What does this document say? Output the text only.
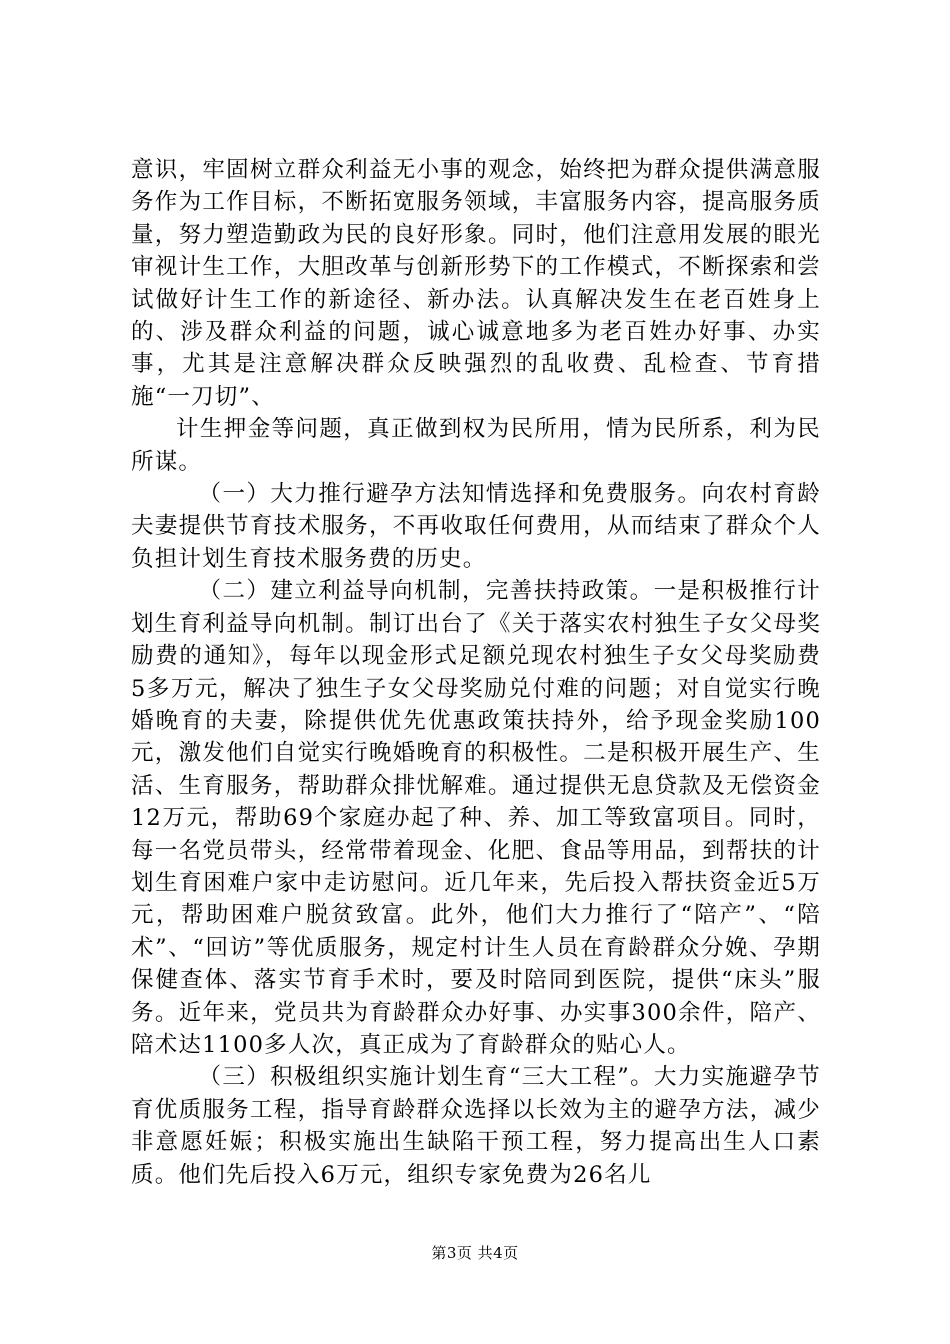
意识，牢固树立群众利益无小事的观念，始终把为群众提供满意服务作为工作目标，不断拓宽服务领域，丰富服务内容，提高服务质量，努力塑造勤政为民的良好形象。同时，他们注意用发展的眼光审视计生工作，大胆改革与创新形势下的工作模式，不断探索和尝试做好计生工作的新途径、新办法。认真解决发生在老百姓身上的、涉及群众利益的问题，诚心诚意地多为老百姓办好事、办实事，尤其是注意解决群众反映强烈的乱收费、乱检查、节育措施“一刀切”、

计生押金等问题，真正做到权为民所用，情为民所系，利为民所谋。

（一）大力推行避孕方法知情选择和免费服务。向农村育龄夫妻提供节育技术服务，不再收取任何费用，从而结束了群众个人负担计划生育技术服务费的历史。

（二）建立利益导向机制，完善扶持政策。一是积极推行计划生育利益导向机制。制订出台了《关于落实农村独生子女父母奖励费的通知》，每年以现金形式足额兑现农村独生子女父母奖励费5多万元，解决了独生子女父母奖励兑付难的问题；对自觉实行晚婚晚育的夫妻，除提供优先优惠政策扶持外，给予现金奖励100元，激发他们自觉实行晚婚晚育的积极性。二是积极开展生产、生活、生育服务，帮助群众排忧解难。通过提供无息贷款及无偿资金12万元，帮助69个家庭办起了种、养、加工等致富项目。同时，每一名党员带头，经常带着现金、化肥、食品等用品，到帮扶的计划生育困难户家中走访慰问。近几年来，先后投入帮扶资金近5万元，帮助困难户脱贫致富。此外，他们大力推行了“陪产”、“陪术”、“回访”等优质服务，规定村计生人员在育龄群众分娩、孕期保健查体、落实节育手术时，要及时陪同到医院，提供“床头”服务。近年来，党员共为育龄群众办好事、办实事300余件，陪产、陪术达1100多人次，真正成为了育龄群众的贴心人。

（三）积极组织实施计划生育“三大工程”。大力实施避孕节育优质服务工程，指导育龄群众选择以长效为主的避孕方法，减少非意愿妊娠；积极实施出生缺陷干预工程，努力提高出生人口素质。他们先后投入6万元，组织专家免费为26名儿

第3页 共4页
